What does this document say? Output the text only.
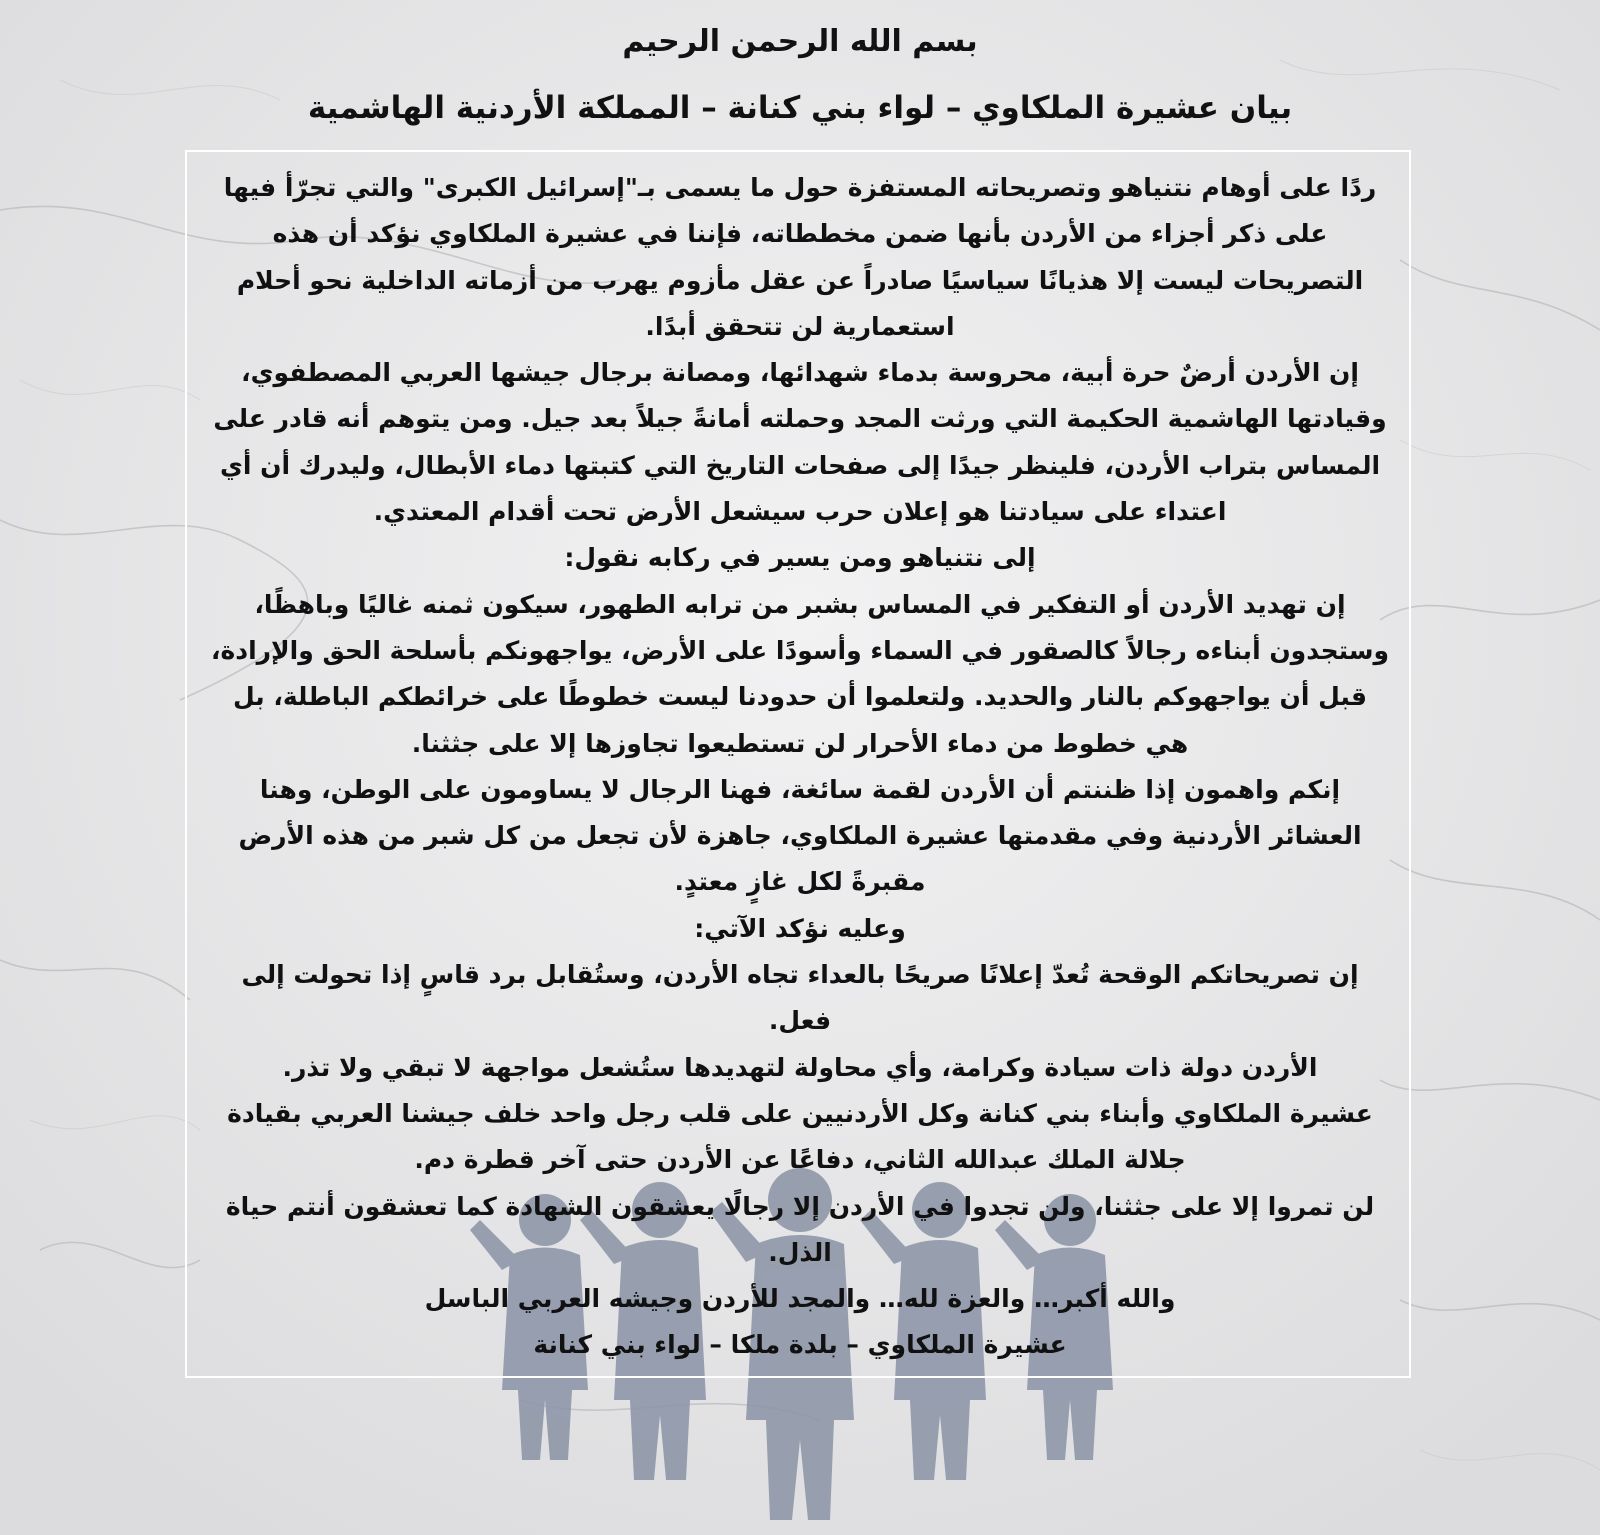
بسم الله الرحمن الرحيم
بيان عشيرة الملكاوي – لواء بني كنانة – المملكة الأردنية الهاشمية

ردًا على أوهام نتنياهو وتصريحاته المستفزة حول ما يسمى بـ"إسرائيل الكبرى" والتي تجرّأ فيها على ذكر أجزاء من الأردن بأنها ضمن مخططاته، فإننا في عشيرة الملكاوي نؤكد أن هذه التصريحات ليست إلا هذيانًا سياسيًا صادراً عن عقل مأزوم يهرب من أزماته الداخلية نحو أحلام استعمارية لن تتحقق أبدًا.

إن الأردن أرضٌ حرة أبية، محروسة بدماء شهدائها، ومصانة برجال جيشها العربي المصطفوي، وقيادتها الهاشمية الحكيمة التي ورثت المجد وحملته أمانةً جيلاً بعد جيل. ومن يتوهم أنه قادر على المساس بتراب الأردن، فلينظر جيدًا إلى صفحات التاريخ التي كتبتها دماء الأبطال، وليدرك أن أي اعتداء على سيادتنا هو إعلان حرب سيشعل الأرض تحت أقدام المعتدي.

إلى نتنياهو ومن يسير في ركابه نقول:

إن تهديد الأردن أو التفكير في المساس بشبر من ترابه الطهور، سيكون ثمنه غاليًا وباهظًا، وستجدون أبناءه رجالاً كالصقور في السماء وأسودًا على الأرض، يواجهونكم بأسلحة الحق والإرادة، قبل أن يواجهوكم بالنار والحديد. ولتعلموا أن حدودنا ليست خطوطًا على خرائطكم الباطلة، بل هي خطوط من دماء الأحرار لن تستطيعوا تجاوزها إلا على جثثنا.

إنكم واهمون إذا ظننتم أن الأردن لقمة سائغة، فهنا الرجال لا يساومون على الوطن، وهنا العشائر الأردنية وفي مقدمتها عشيرة الملكاوي، جاهزة لأن تجعل من كل شبر من هذه الأرض مقبرةً لكل غازٍ معتدٍ.

وعليه نؤكد الآتي:

إن تصريحاتكم الوقحة تُعدّ إعلانًا صريحًا بالعداء تجاه الأردن، وستُقابل برد قاسٍ إذا تحولت إلى فعل.

الأردن دولة ذات سيادة وكرامة، وأي محاولة لتهديدها ستُشعل مواجهة لا تبقي ولا تذر.

عشيرة الملكاوي وأبناء بني كنانة وكل الأردنيين على قلب رجل واحد خلف جيشنا العربي بقيادة جلالة الملك عبدالله الثاني، دفاعًا عن الأردن حتى آخر قطرة دم.

لن تمروا إلا على جثثنا، ولن تجدوا في الأردن إلا رجالًا يعشقون الشهادة كما تعشقون أنتم حياة الذل.

والله أكبر… والعزة لله… والمجد للأردن وجيشه العربي الباسل

عشيرة الملكاوي – بلدة ملكا – لواء بني كنانة
